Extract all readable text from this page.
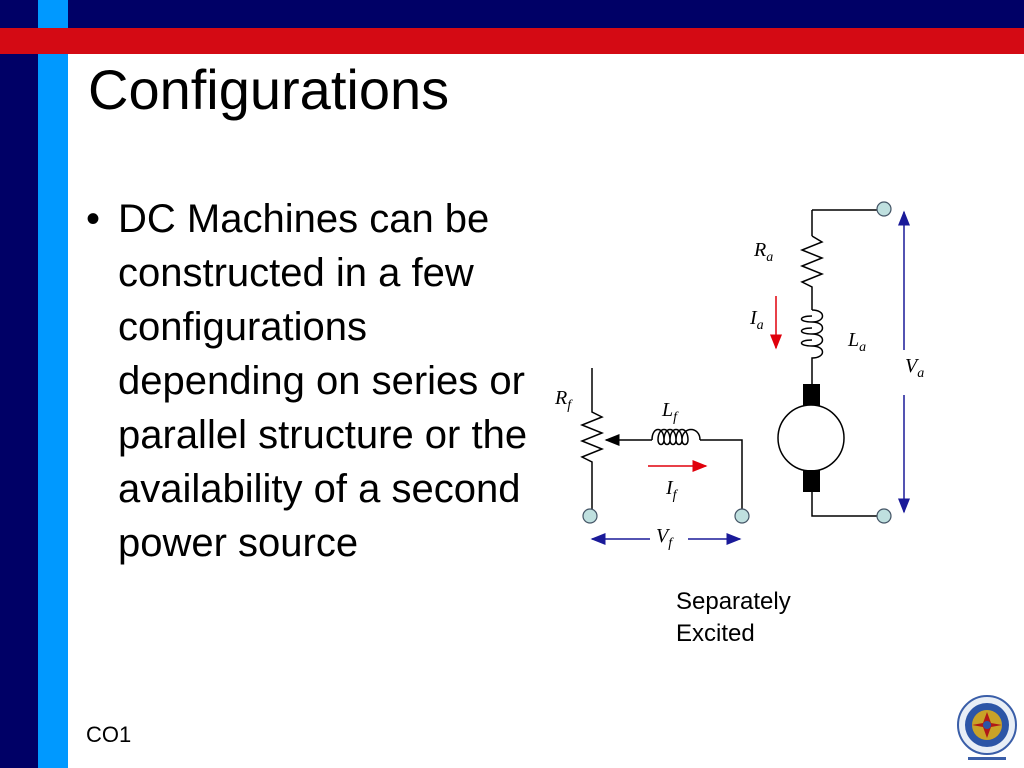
Configurations
• DC Machines can be constructed in a few configurations depending on series or parallel structure or the availability of a second power source

$R_a$
$I_a$
$L_a$
$V_a$
$R_f$	$L_f$
$I_f$
$V_f$
Separately
Excited
CO1
